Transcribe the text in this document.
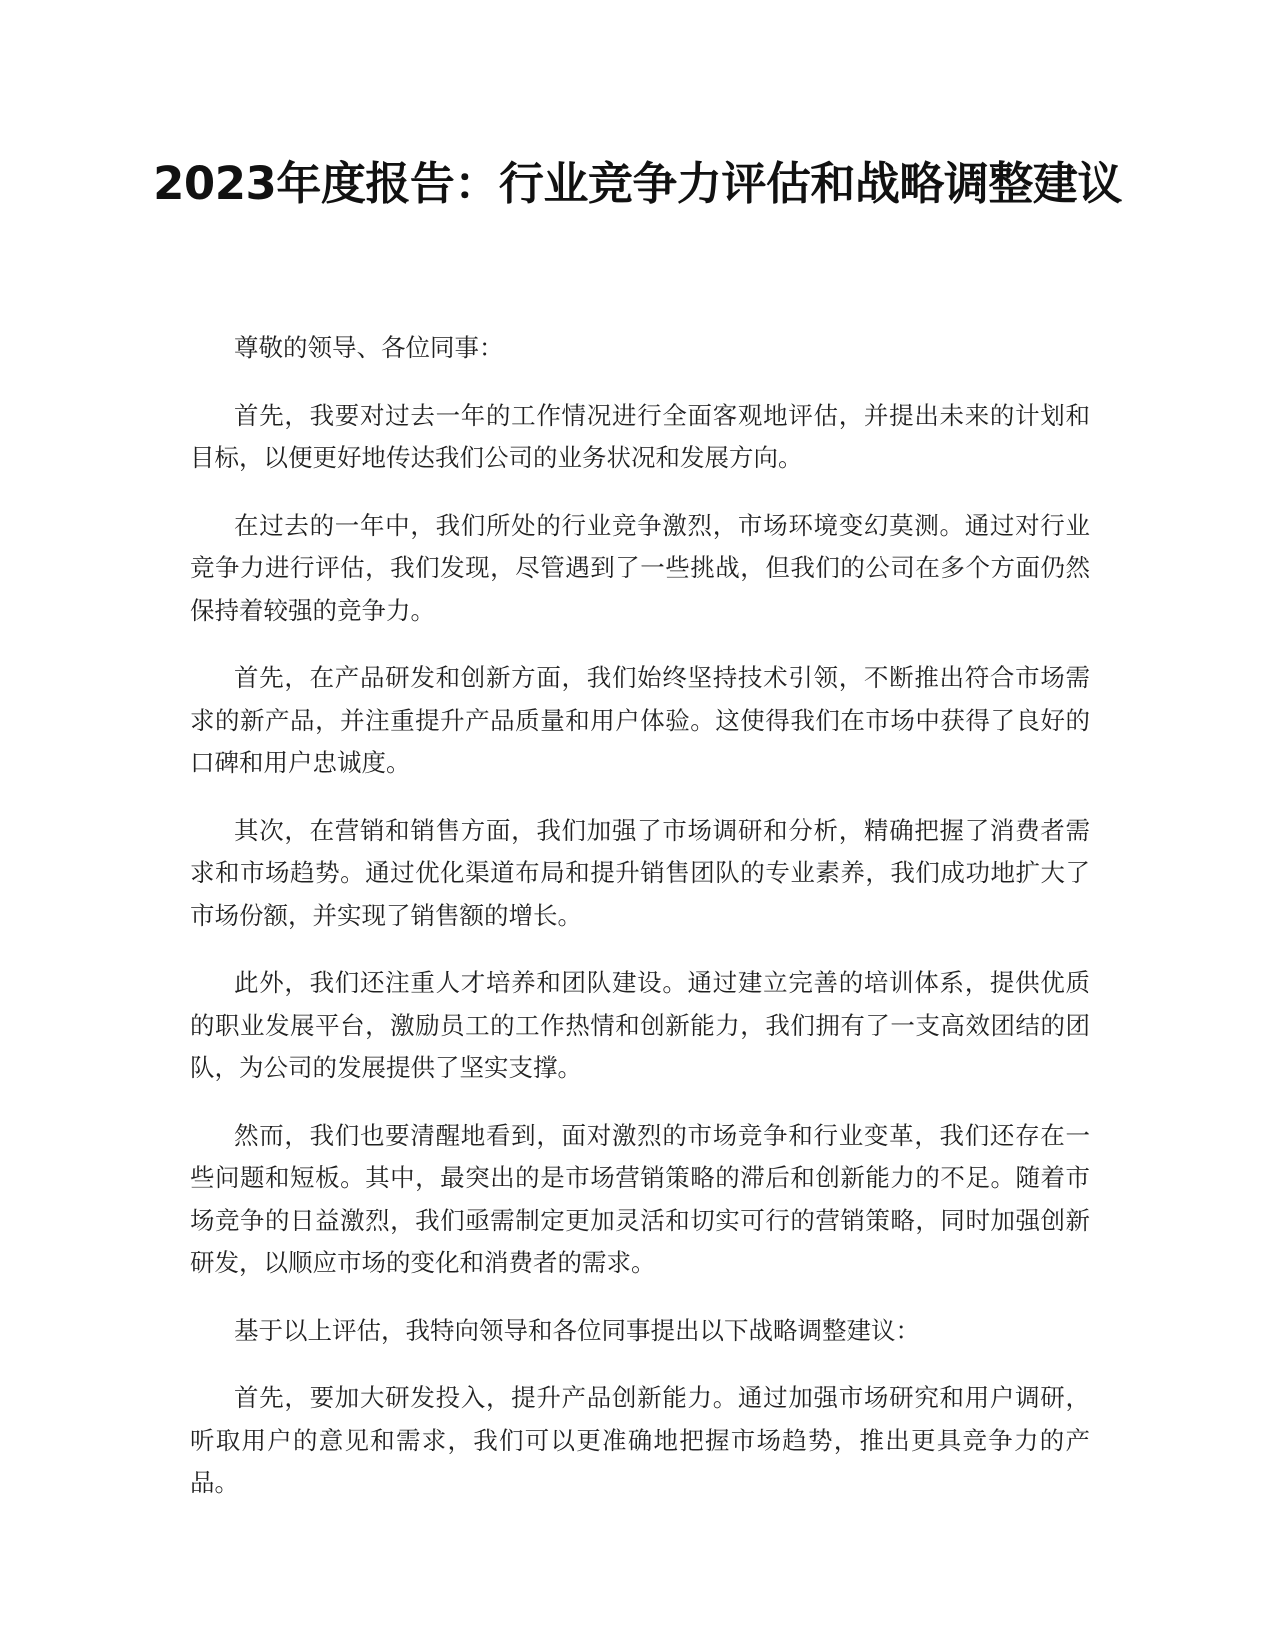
2023年度报告：行业竞争力评估和战略调整建议

尊敬的领导、各位同事：

首先，我要对过去一年的工作情况进行全面客观地评估，并提出未来的计划和目标，以便更好地传达我们公司的业务状况和发展方向。

在过去的一年中，我们所处的行业竞争激烈，市场环境变幻莫测。通过对行业竞争力进行评估，我们发现，尽管遇到了一些挑战，但我们的公司在多个方面仍然保持着较强的竞争力。

首先，在产品研发和创新方面，我们始终坚持技术引领，不断推出符合市场需求的新产品，并注重提升产品质量和用户体验。这使得我们在市场中获得了良好的口碑和用户忠诚度。

其次，在营销和销售方面，我们加强了市场调研和分析，精确把握了消费者需求和市场趋势。通过优化渠道布局和提升销售团队的专业素养，我们成功地扩大了市场份额，并实现了销售额的增长。

此外，我们还注重人才培养和团队建设。通过建立完善的培训体系，提供优质的职业发展平台，激励员工的工作热情和创新能力，我们拥有了一支高效团结的团队，为公司的发展提供了坚实支撑。

然而，我们也要清醒地看到，面对激烈的市场竞争和行业变革，我们还存在一些问题和短板。其中，最突出的是市场营销策略的滞后和创新能力的不足。随着市场竞争的日益激烈，我们亟需制定更加灵活和切实可行的营销策略，同时加强创新研发，以顺应市场的变化和消费者的需求。

基于以上评估，我特向领导和各位同事提出以下战略调整建议：

首先，要加大研发投入，提升产品创新能力。通过加强市场研究和用户调研，听取用户的意见和需求，我们可以更准确地把握市场趋势，推出更具竞争力的产品。
